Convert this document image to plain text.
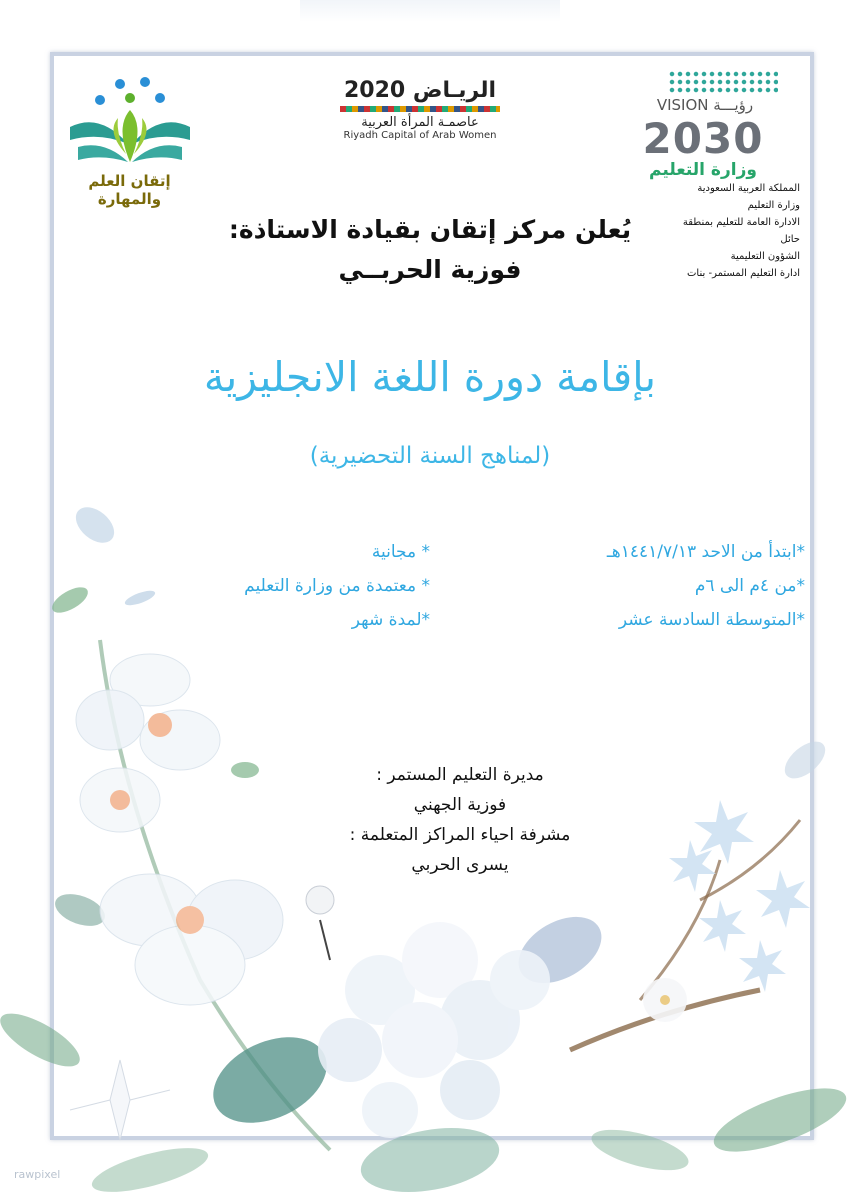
إتقان العلم والمهارة
الريـاض 2020
عاصمـة المرأة العربية
Riyadh Capital of Arab Women
VISION رؤيـــة
2030
وزارة التعليم
المملكة العربية السعودية
وزارة التعليم
الادارة العامة للتعليم بمنطقة
حائل
الشؤون التعليمية
ادارة التعليم المستمر- بنات
يُعلن مركز إتقان بقيادة الاستاذة:
فوزية الحربــي
بإقامة دورة اللغة الانجليزية
(لمناهج السنة التحضيرية)
*ابتدأ من الاحد ١٤٤١/٧/١٣هـ
*من ٤م الى ٦م
*المتوسطة السادسة عشر
* مجانية
* معتمدة من وزارة التعليم
*لمدة شهر
مديرة التعليم المستمر :
فوزية الجهني
مشرفة احياء المراكز المتعلمة :
يسرى الحربي
rawpixel
